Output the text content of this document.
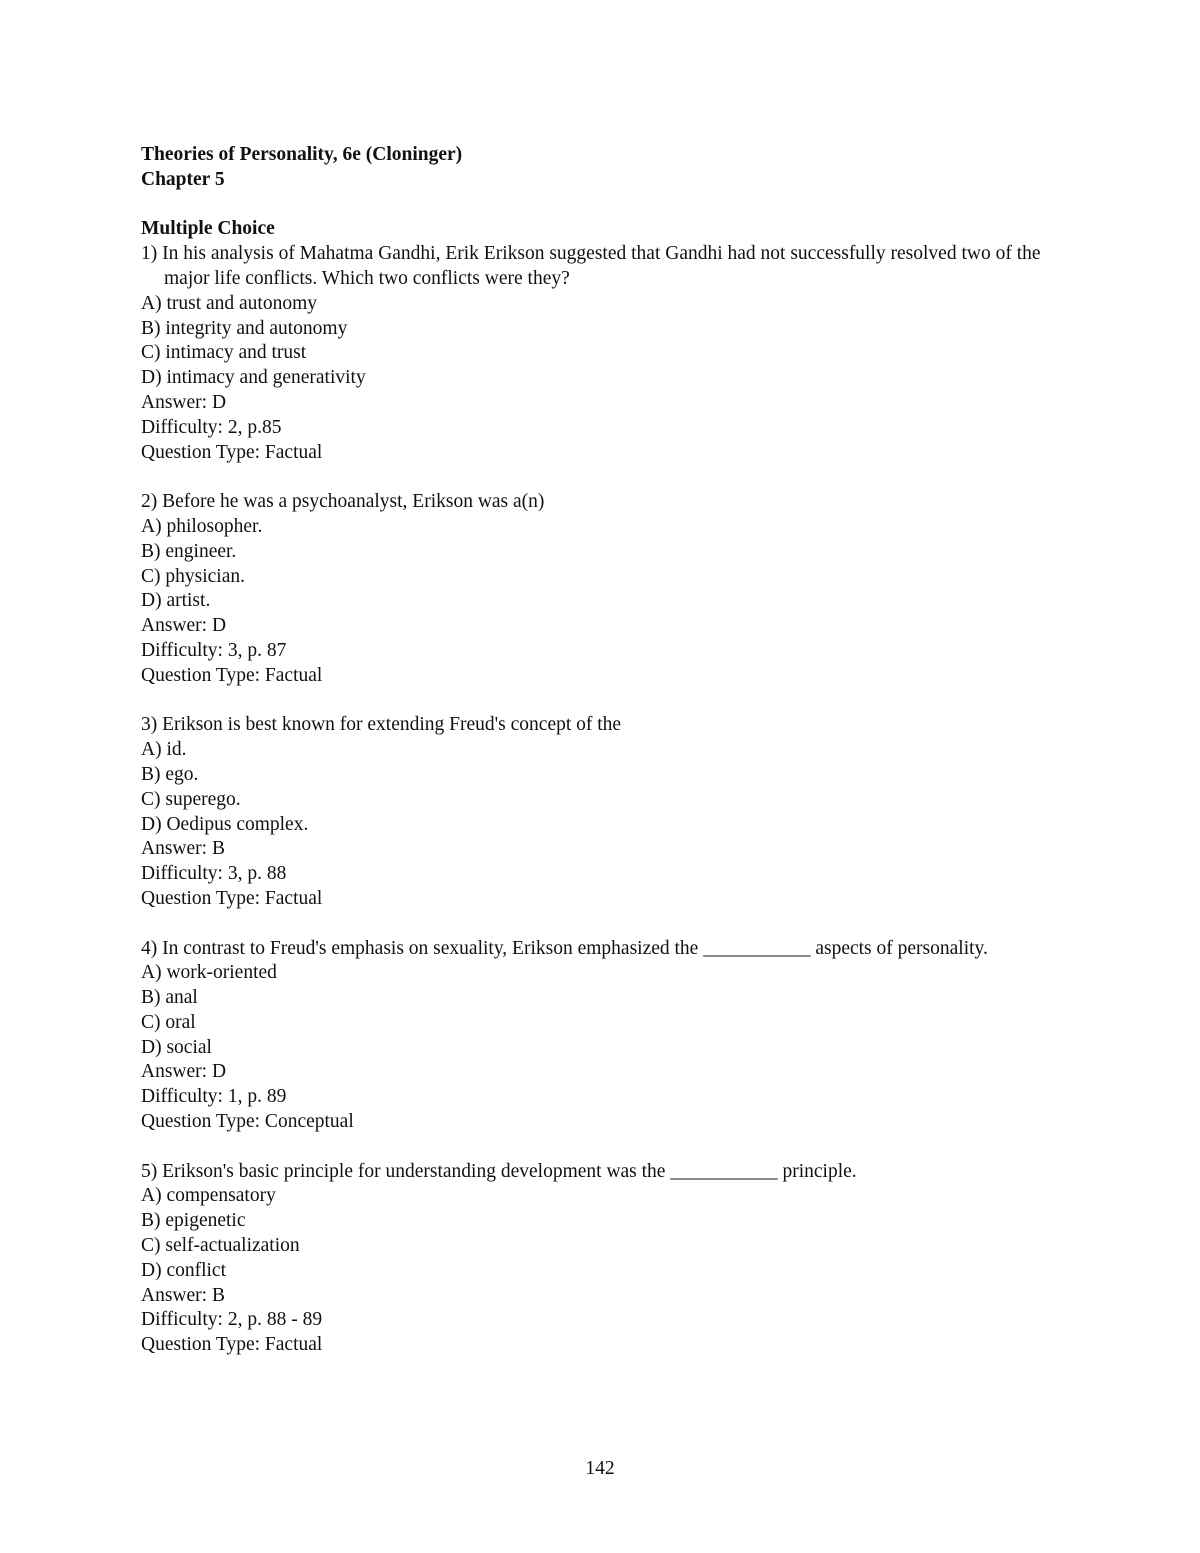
Theories of Personality, 6e (Cloninger)
Chapter 5
Multiple Choice
1) In his analysis of Mahatma Gandhi, Erik Erikson suggested that Gandhi had not successfully resolved two of the major life conflicts. Which two conflicts were they?
A) trust and autonomy
B) integrity and autonomy
C) intimacy and trust
D) intimacy and generativity
Answer: D
Difficulty: 2, p.85
Question Type: Factual
2) Before he was a psychoanalyst, Erikson was a(n)
A) philosopher.
B) engineer.
C) physician.
D) artist.
Answer: D
Difficulty: 3, p. 87
Question Type: Factual
3) Erikson is best known for extending Freud's concept of the
A) id.
B) ego.
C) superego.
D) Oedipus complex.
Answer: B
Difficulty: 3, p. 88
Question Type: Factual
4) In contrast to Freud's emphasis on sexuality, Erikson emphasized the ___________ aspects of personality.
A) work-oriented
B) anal
C) oral
D) social
Answer: D
Difficulty: 1, p. 89
Question Type: Conceptual
5) Erikson's basic principle for understanding development was the ___________ principle.
A) compensatory
B) epigenetic
C) self-actualization
D) conflict
Answer: B
Difficulty: 2, p. 88 - 89
Question Type: Factual
142
